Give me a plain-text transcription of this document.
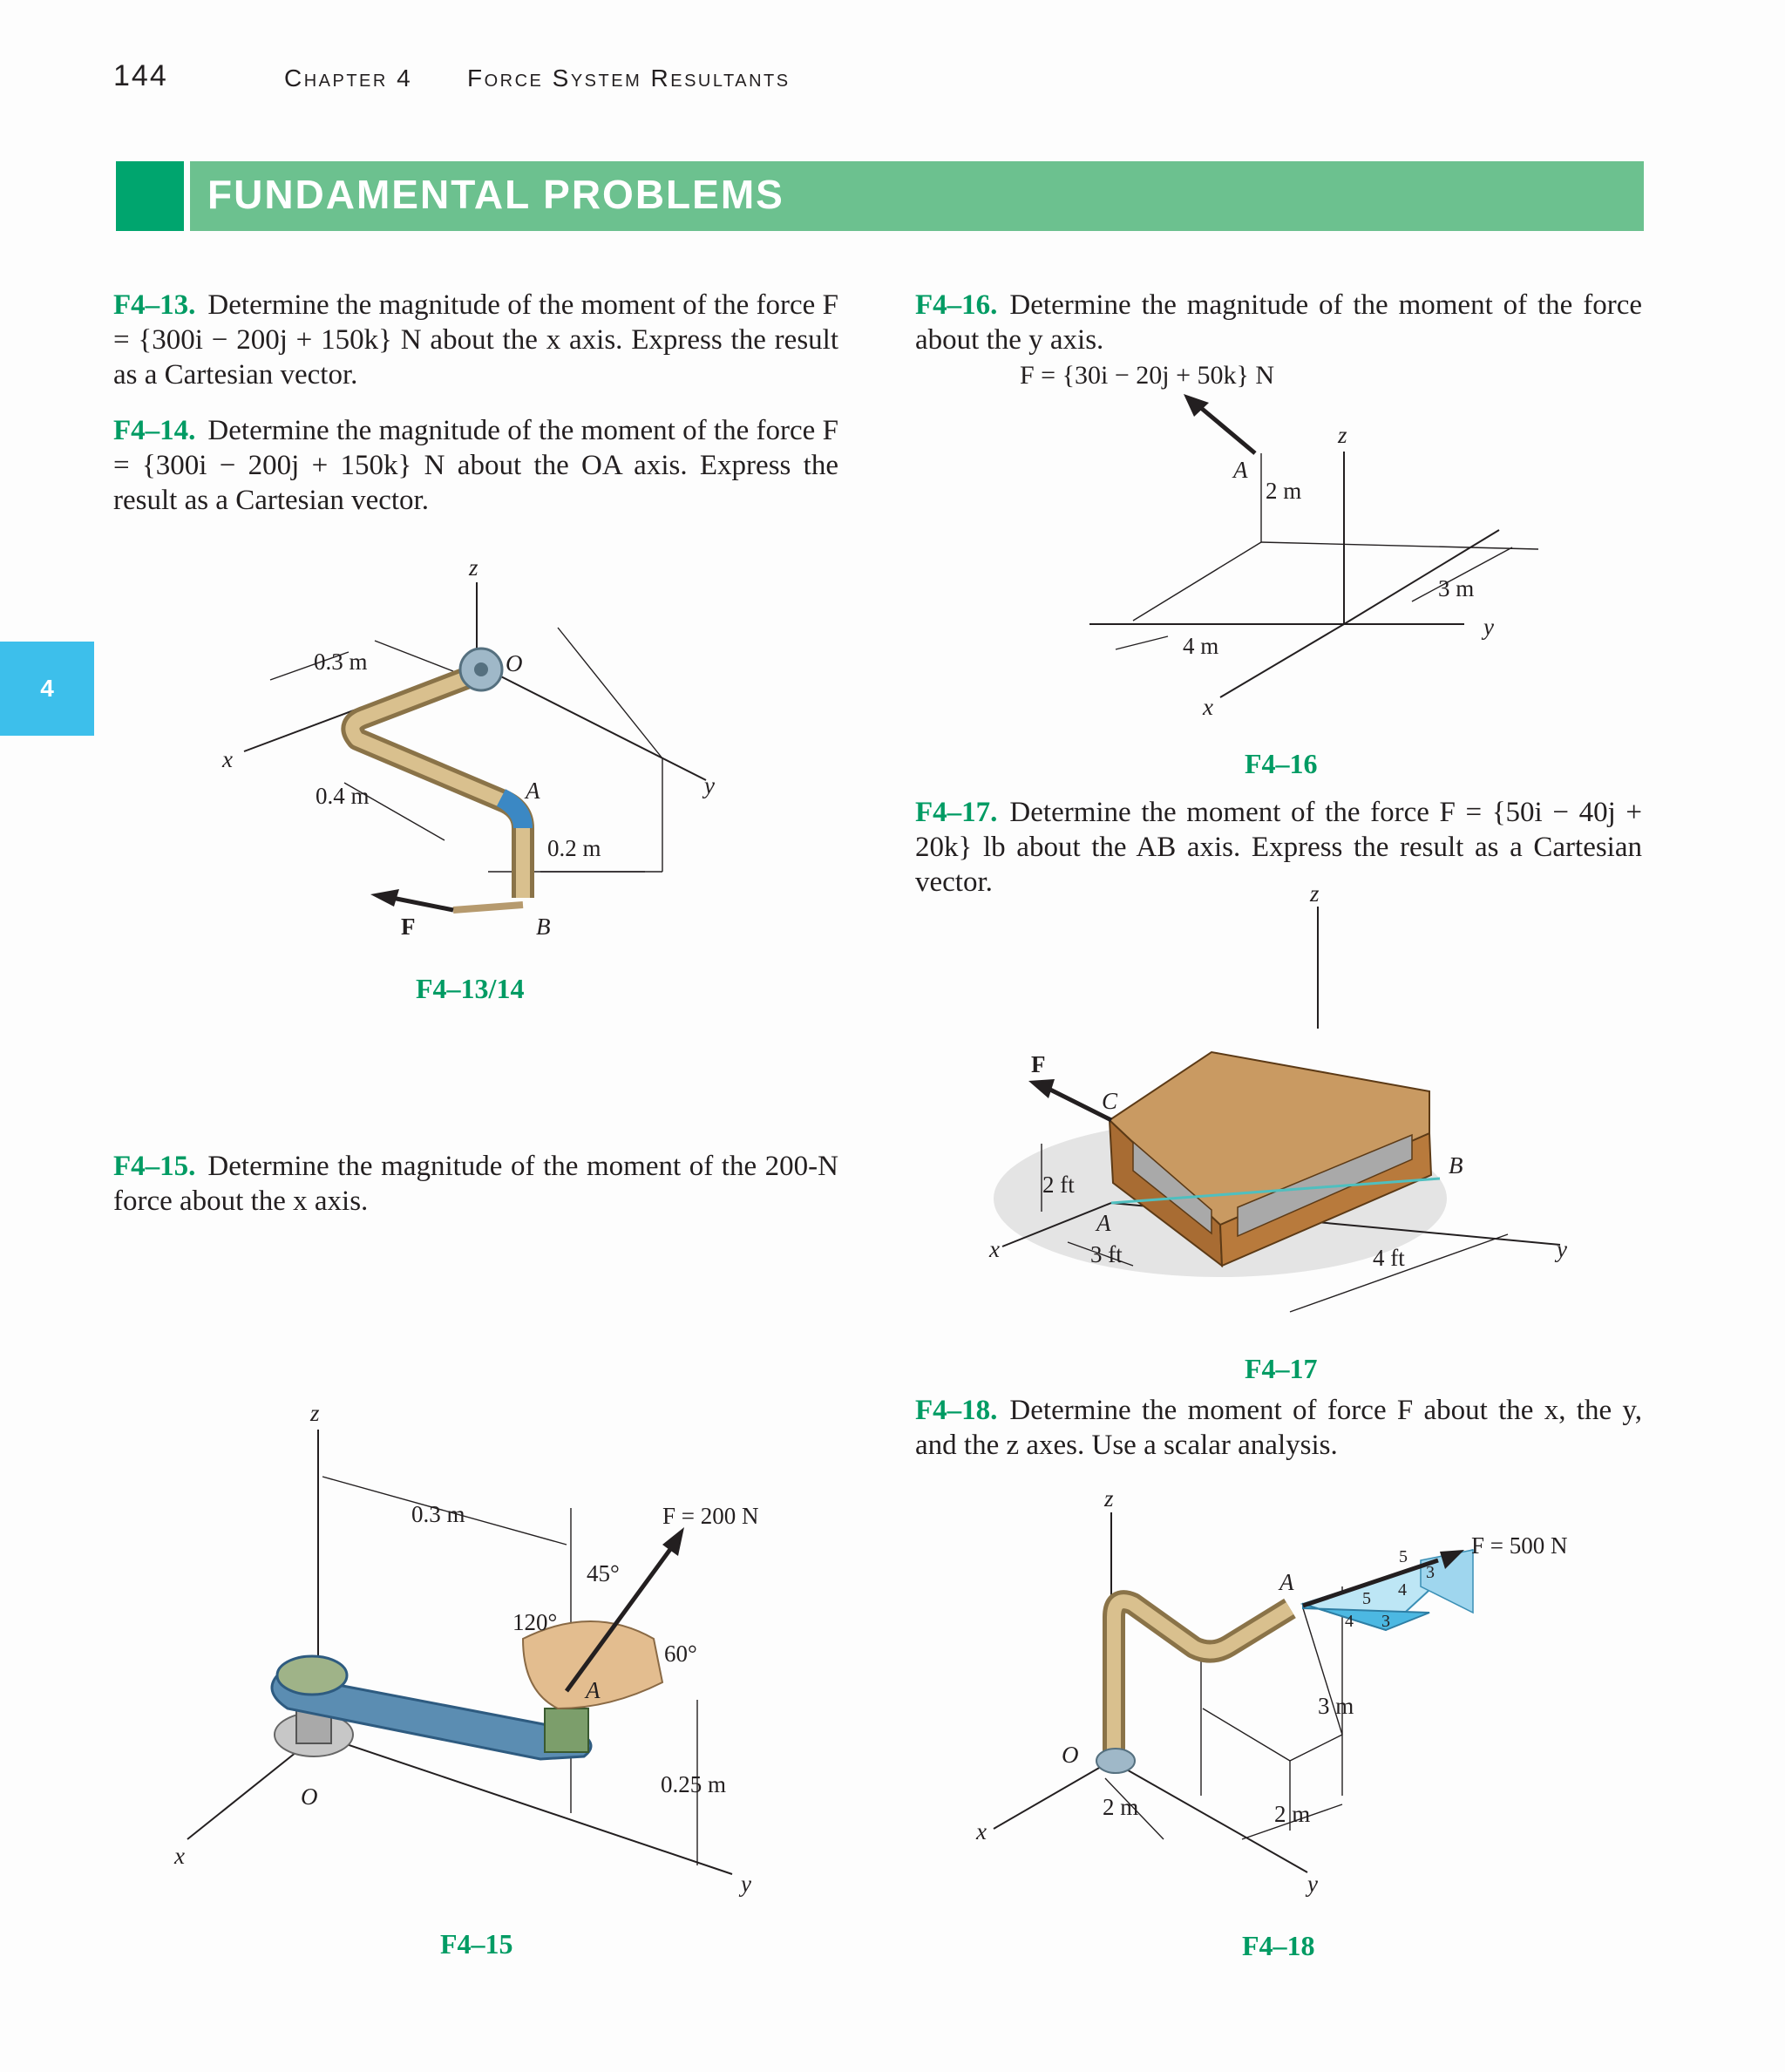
144	Chapter 4 Force System Resultants
FUNDAMENTAL PROBLEMS
4
F4–13. Determine the magnitude of the moment of the force F = {300i − 200j + 150k} N about the x axis. Express the result as a Cartesian vector.
F4–14. Determine the magnitude of the moment of the force F = {300i − 200j + 150k} N about the OA axis. Express the result as a Cartesian vector.
F4–15. Determine the magnitude of the moment of the 200-N force about the x axis.
F4–16. Determine the magnitude of the moment of the force about the y axis.
F = {30i − 20j + 50k} N
F4–17. Determine the moment of the force F = {50i − 40j + 20k} lb about the AB axis. Express the result as a Cartesian vector.
F4–18. Determine the moment of force F about the x, the y, and the z axes. Use a scalar analysis.
z
x
y
O
A
B
F
0.3 m
0.4 m
0.2 m
F4–13/14
z
x
y
O
A
F = 200 N
0.3 m
0.25 m
45°
120°
60°
F4–15
z
x
y
A
2 m
3 m
4 m
F4–16
z
x	y
A
B
C
F
2 ft
3 ft	4 ft
F4–17
z
x
y
O
A
F = 500 N
3 m
2 m	2 m
5
3
4
5
4 3
F4–18
